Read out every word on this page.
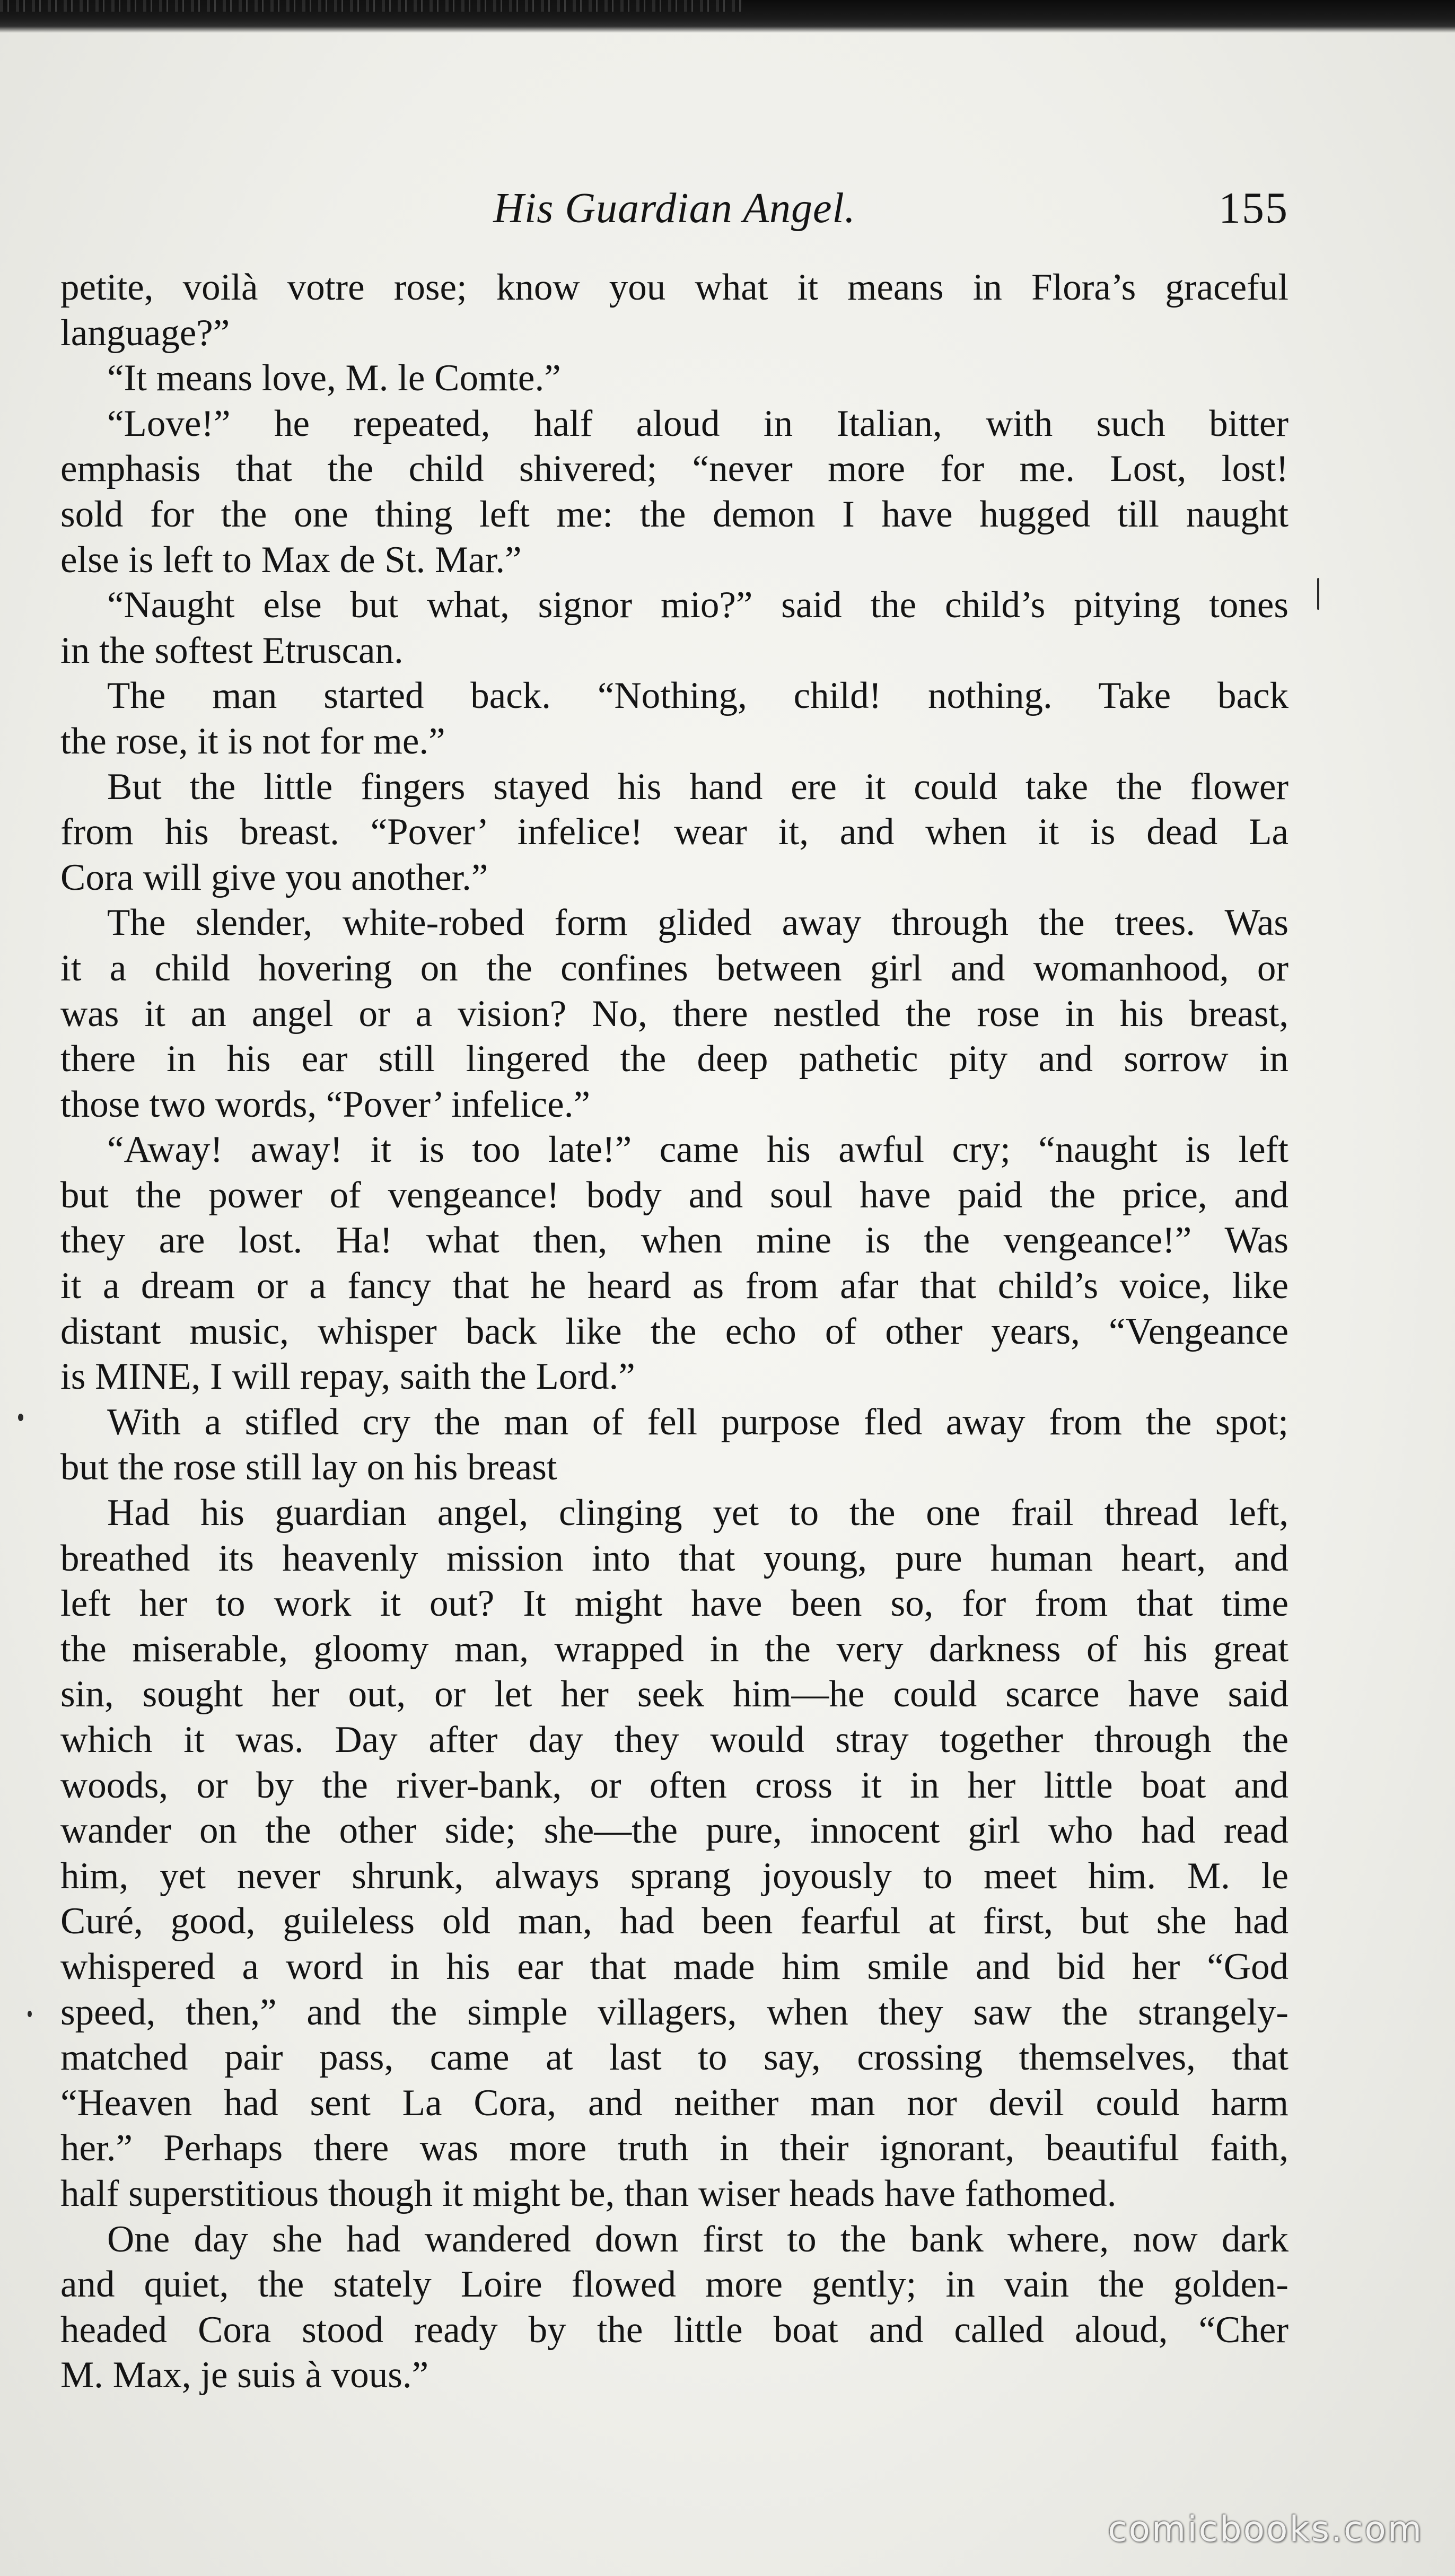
His Guardian Angel.	155
petite, voilà votre rose; know you what it means in Flora’s graceful
language?”
“It means love, M. le Comte.”
“Love!” he repeated, half aloud in Italian, with such bitter
emphasis that the child shivered; “never more for me. Lost, lost!
sold for the one thing left me: the demon I have hugged till naught
else is left to Max de St. Mar.”
“Naught else but what, signor mio?” said the child’s pitying tones
in the softest Etruscan.
The man started back. “Nothing, child! nothing. Take back
the rose, it is not for me.”
But the little fingers stayed his hand ere it could take the flower
from his breast. “Pover’ infelice! wear it, and when it is dead La
Cora will give you another.”
The slender, white-robed form glided away through the trees. Was
it a child hovering on the confines between girl and womanhood, or
was it an angel or a vision? No, there nestled the rose in his breast,
there in his ear still lingered the deep pathetic pity and sorrow in
those two words, “Pover’ infelice.”
“Away! away! it is too late!” came his awful cry; “naught is left
but the power of vengeance! body and soul have paid the price, and
they are lost. Ha! what then, when mine is the vengeance!” Was
it a dream or a fancy that he heard as from afar that child’s voice, like
distant music, whisper back like the echo of other years, “Vengeance
is MINE, I will repay, saith the Lord.”
With a stifled cry the man of fell purpose fled away from the spot;
but the rose still lay on his breast
Had his guardian angel, clinging yet to the one frail thread left,
breathed its heavenly mission into that young, pure human heart, and
left her to work it out? It might have been so, for from that time
the miserable, gloomy man, wrapped in the very darkness of his great
sin, sought her out, or let her seek him—he could scarce have said
which it was. Day after day they would stray together through the
woods, or by the river-bank, or often cross it in her little boat and
wander on the other side; she—the pure, innocent girl who had read
him, yet never shrunk, always sprang joyously to meet him. M. le
Curé, good, guileless old man, had been fearful at first, but she had
whispered a word in his ear that made him smile and bid her “God
speed, then,” and the simple villagers, when they saw the strangely-
matched pair pass, came at last to say, crossing themselves, that
“Heaven had sent La Cora, and neither man nor devil could harm
her.” Perhaps there was more truth in their ignorant, beautiful faith,
half superstitious though it might be, than wiser heads have fathomed.
One day she had wandered down first to the bank where, now dark
and quiet, the stately Loire flowed more gently; in vain the golden-
headed Cora stood ready by the little boat and called aloud, “Cher
M. Max, je suis à vous.”
comicbooks.com
